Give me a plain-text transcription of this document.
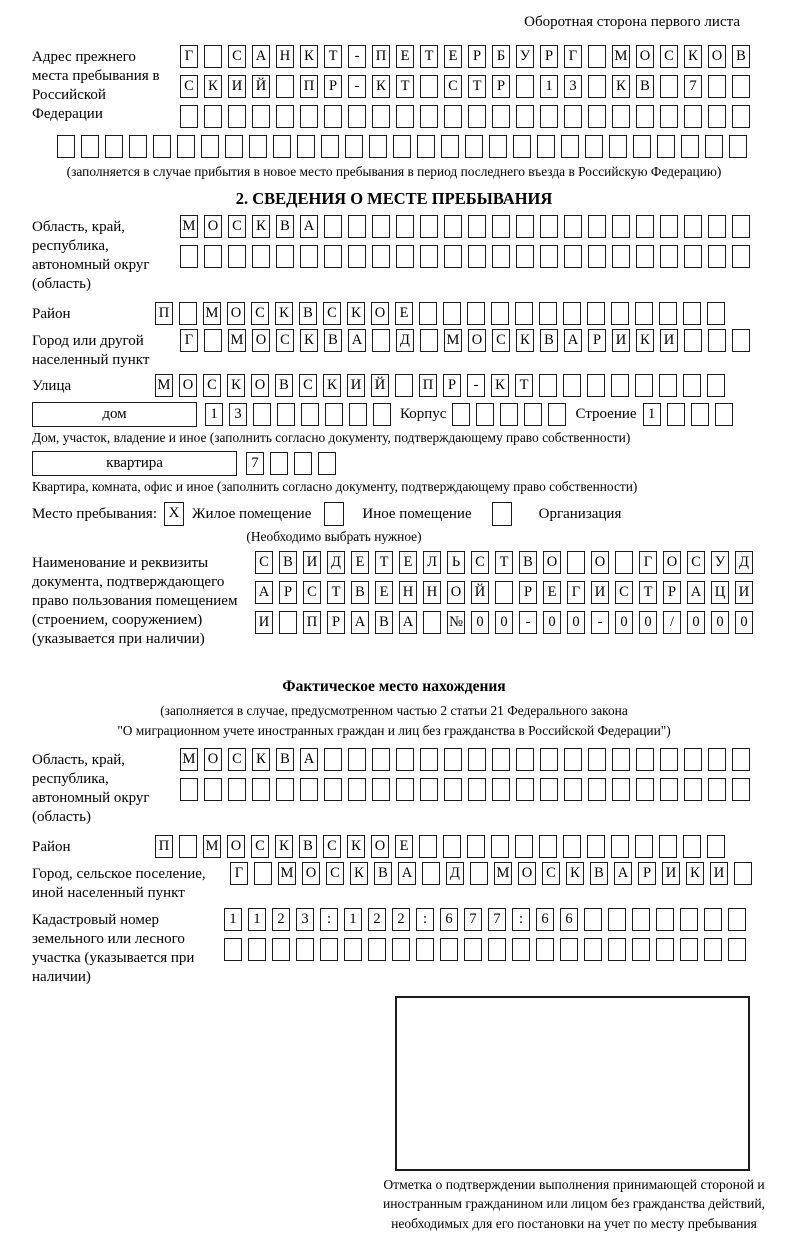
Оборотная сторона первого листа
Адрес прежнего места пребывания в Российской Федерации
Г	С А Н К	Т	-	П Е	Т	Е	Р	Б	У	Р	Г	М О С К О В
С К И Й	П	Р	-	К	Т	С	Т	Р	1	3	К В	7
(заполняется в случае прибытия в новое место пребывания в период последнего въезда в Российскую Федерацию)
2. СВЕДЕНИЯ О МЕСТЕ ПРЕБЫВАНИЯ
Область, край, республика, автономный округ (область)
М О С К В А
Район	П	М О С К В С К О Е
Город или другой населенный пункт
Г	М О С К В А	Д	М О С К В А	Р	И К И
Улица	М О С К О В С К И Й	П	Р	-	К	Т
дом	1	3	Корпус	Строение 1
Дом, участок, владение и иное (заполнить согласно документу, подтверждающему право собственности)
квартира	7
Квартира, комната, офис и иное (заполнить согласно документу, подтверждающему право собственности)
Место пребывания: X Жилое помещение	Иное помещение	Организация
(Необходимо выбрать нужное)
Наименование и реквизиты документа, подтверждающего право пользования помещением (строением, сооружением) (указывается при наличии)
С В И Д	Е	Т	Е	Л	Ь	С	Т	В О	О	Г	О С У Д
А	Р	С	Т	В	Е Н Н О Й	Р	Е	Г	И С	Т	Р	А Ц И
И	П	Р	А В А № 0	0	-	0	0	-	0	0	/	0	0	0
Фактическое место нахождения
(заполняется в случае, предусмотренном частью 2 статьи 21 Федерального закона
"О миграционном учете иностранных граждан и лиц без гражданства в Российской Федерации")
Область, край, республика, автономный округ (область)
М О С К В А
Район	П	М О С К В С К О Е
Город, сельское поселение, иной населенный пункт
Г	М О С К В А	Д	М О С К В А	Р	И К И
Кадастровый номер земельного или лесного участка (указывается при наличии)
1	1	2	3	:	1	2	2	:	6	7	7	:	6	6
Отметка о подтверждении выполнения принимающей стороной и иностранным гражданином или лицом без гражданства действий, необходимых для его постановки на учет по месту пребывания
